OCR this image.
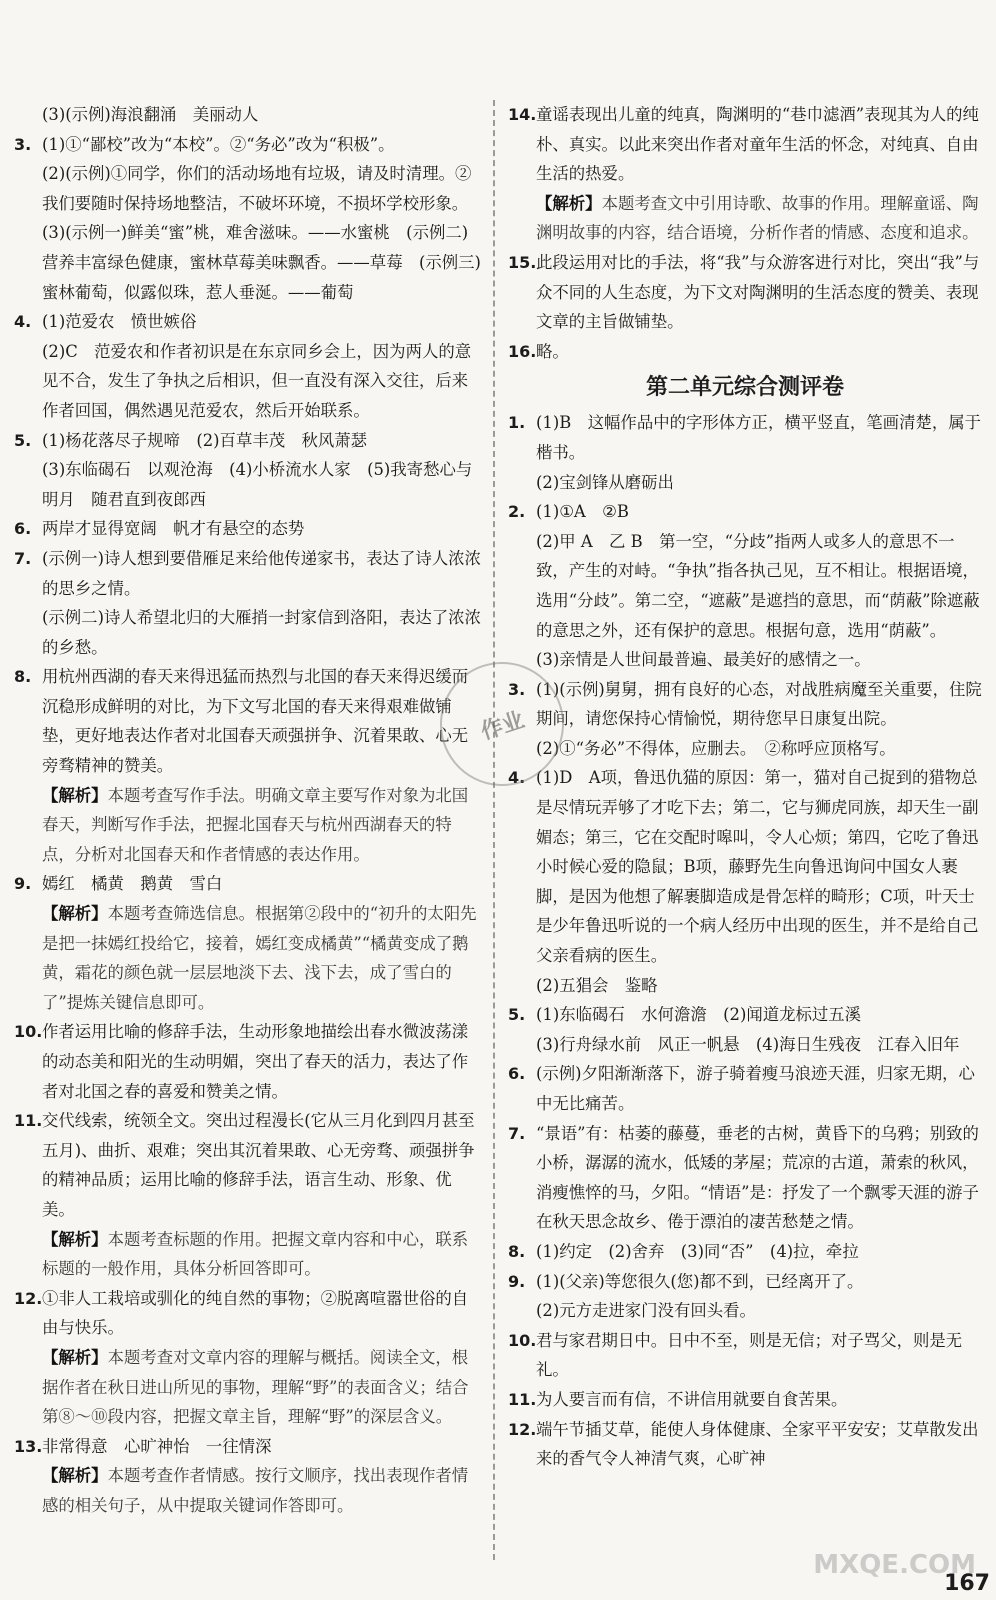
(3)(示例)海浪翻涌　美丽动人
3. (1)①“鄙校”改为“本校”。②“务必”改为“积极”。
(2)(示例)①同学，你们的活动场地有垃圾，请及时清理。②我们要随时保持场地整洁，不破坏环境，不损坏学校形象。
(3)(示例一)鲜美“蜜”桃，难舍滋味。——水蜜桃　(示例二)营养丰富绿色健康，蜜林草莓美味飘香。——草莓　(示例三)蜜林葡萄，似露似珠，惹人垂涎。——葡萄
4. (1)范爱农　愤世嫉俗
(2)C　范爱农和作者初识是在东京同乡会上，因为两人的意见不合，发生了争执之后相识，但一直没有深入交往，后来作者回国，偶然遇见范爱农，然后开始联系。
5. (1)杨花落尽子规啼　(2)百草丰茂　秋风萧瑟
(3)东临碣石　以观沧海　(4)小桥流水人家　(5)我寄愁心与明月　随君直到夜郎西
6. 两岸才显得宽阔　帆才有悬空的态势
7. (示例一)诗人想到要借雁足来给他传递家书，表达了诗人浓浓的思乡之情。
(示例二)诗人希望北归的大雁捎一封家信到洛阳，表达了浓浓的乡愁。
8. 用杭州西湖的春天来得迅猛而热烈与北国的春天来得迟缓而沉稳形成鲜明的对比，为下文写北国的春天来得艰难做铺垫，更好地表达作者对北国春天顽强拼争、沉着果敢、心无旁骛精神的赞美。
【解析】本题考查写作手法。明确文章主要写作对象为北国春天，判断写作手法，把握北国春天与杭州西湖春天的特点，分析对北国春天和作者情感的表达作用。
9. 嫣红　橘黄　鹅黄　雪白
【解析】本题考查筛选信息。根据第②段中的“初升的太阳先是把一抹嫣红投给它，接着，嫣红变成橘黄”“橘黄变成了鹅黄，霜花的颜色就一层层地淡下去、浅下去，成了雪白的了”提炼关键信息即可。
10. 作者运用比喻的修辞手法，生动形象地描绘出春水微波荡漾的动态美和阳光的生动明媚，突出了春天的活力，表达了作者对北国之春的喜爱和赞美之情。
11. 交代线索，统领全文。突出过程漫长(它从三月化到四月甚至五月)、曲折、艰难；突出其沉着果敢、心无旁骛、顽强拼争的精神品质；运用比喻的修辞手法，语言生动、形象、优美。
【解析】本题考查标题的作用。把握文章内容和中心，联系标题的一般作用，具体分析回答即可。
12. ①非人工栽培或驯化的纯自然的事物；②脱离喧嚣世俗的自由与快乐。
【解析】本题考查对文章内容的理解与概括。阅读全文，根据作者在秋日进山所见的事物，理解“野”的表面含义；结合第⑧～⑩段内容，把握文章主旨，理解“野”的深层含义。
13. 非常得意　心旷神怡　一往情深
【解析】本题考查作者情感。按行文顺序，找出表现作者情感的相关句子，从中提取关键词作答即可。
14. 童谣表现出儿童的纯真，陶渊明的“巷巾滤酒”表现其为人的纯朴、真实。以此来突出作者对童年生活的怀念，对纯真、自由生活的热爱。
【解析】本题考查文中引用诗歌、故事的作用。理解童谣、陶渊明故事的内容，结合语境，分析作者的情感、态度和追求。
15. 此段运用对比的手法，将“我”与众游客进行对比，突出“我”与众不同的人生态度，为下文对陶渊明的生活态度的赞美、表现文章的主旨做铺垫。
16. 略。
第二单元综合测评卷
1. (1)B　这幅作品中的字形体方正，横平竖直，笔画清楚，属于楷书。
(2)宝剑锋从磨砺出
2. (1)①A　②B
(2)甲 A　乙 B　第一空，“分歧”指两人或多人的意思不一致，产生的对峙。“争执”指各执己见，互不相让。根据语境，选用“分歧”。第二空，“遮蔽”是遮挡的意思，而“荫蔽”除遮蔽的意思之外，还有保护的意思。根据句意，选用“荫蔽”。
(3)亲情是人世间最普遍、最美好的感情之一。
3. (1)(示例)舅舅，拥有良好的心态，对战胜病魔至关重要，住院期间，请您保持心情愉悦，期待您早日康复出院。
(2)①“务必”不得体，应删去。　②称呼应顶格写。
4. (1)D　A项，鲁迅仇猫的原因：第一，猫对自己捉到的猎物总是尽情玩弄够了才吃下去；第二，它与狮虎同族，却天生一副媚态；第三，它在交配时嗥叫，令人心烦；第四，它吃了鲁迅小时候心爱的隐鼠；B项，藤野先生向鲁迅询问中国女人裹脚，是因为他想了解裹脚造成是骨怎样的畸形；C项，叶天士是少年鲁迅听说的一个病人经历中出现的医生，并不是给自己父亲看病的医生。
(2)五猖会　鉴略
5. (1)东临碣石　水何澹澹　(2)闻道龙标过五溪
(3)行舟绿水前　风正一帆悬　(4)海日生残夜　江春入旧年
6. (示例)夕阳渐渐落下，游子骑着瘦马浪迹天涯，归家无期，心中无比痛苦。
7. “景语”有：枯萎的藤蔓，垂老的古树，黄昏下的乌鸦；别致的小桥，潺潺的流水，低矮的茅屋；荒凉的古道，萧索的秋风，消瘦憔悴的马，夕阳。“情语”是：抒发了一个飘零天涯的游子在秋天思念故乡、倦于漂泊的凄苦愁楚之情。
8. (1)约定　(2)舍弃　(3)同“否”　(4)拉，牵拉
9. (1)(父亲)等您很久(您)都不到，已经离开了。
(2)元方走进家门没有回头看。
10. 君与家君期日中。日中不至，则是无信；对子骂父，则是无礼。
11. 为人要言而有信，不讲信用就要自食苦果。
12. 端午节插艾草，能使人身体健康、全家平平安安；艾草散发出来的香气令人神清气爽，心旷神
作业
167
MXQE.COM
